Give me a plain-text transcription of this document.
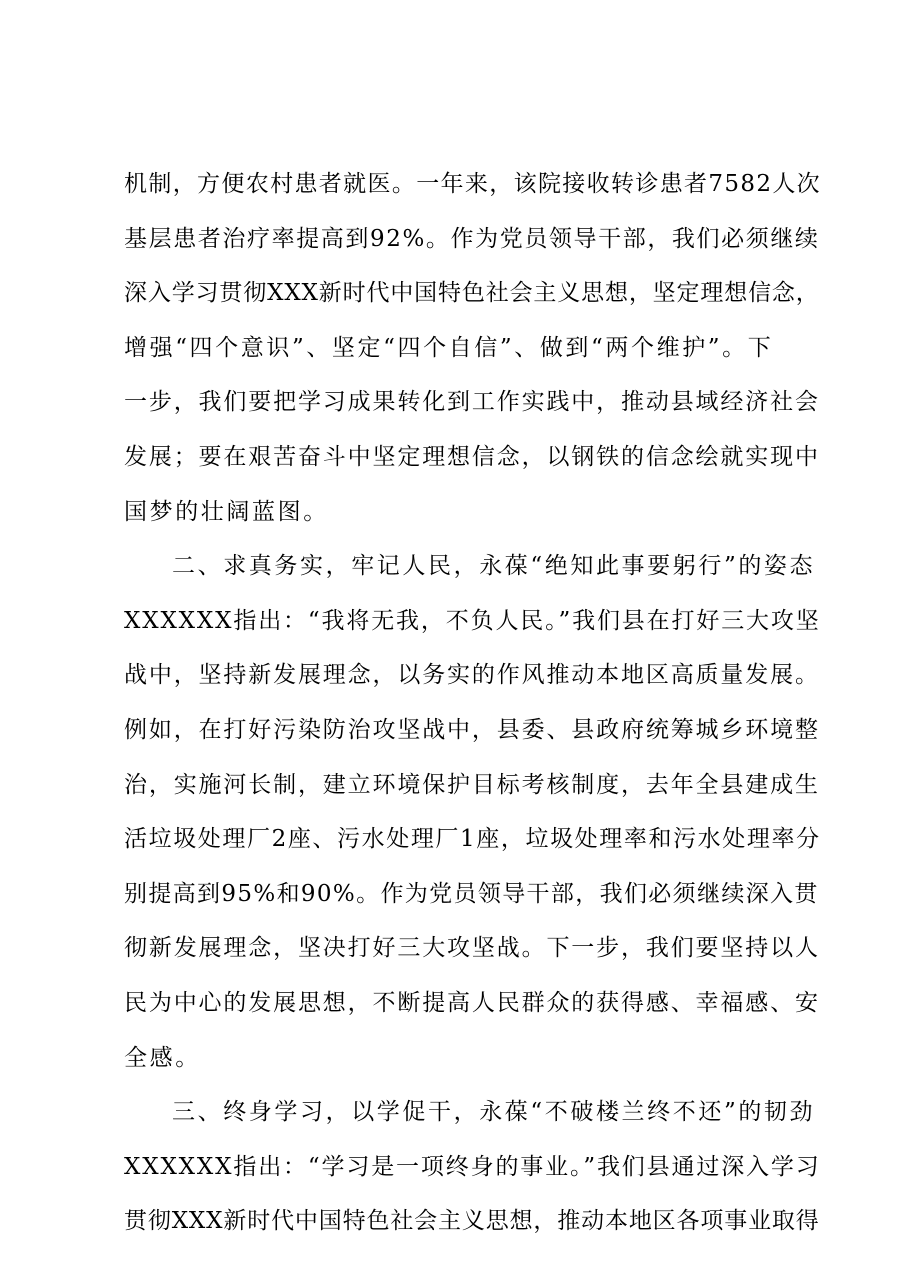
机制，方便农村患者就医。一年来，该院接收转诊患者7582人次
基层患者治疗率提高到92%。作为党员领导干部，我们必须继续
深入学习贯彻XXX新时代中国特色社会主义思想，坚定理想信念，
增强“四个意识”、坚定“四个自信”、做到“两个维护”。下
一步，我们要把学习成果转化到工作实践中，推动县域经济社会
发展；要在艰苦奋斗中坚定理想信念，以钢铁的信念绘就实现中
国梦的壮阔蓝图。
二、求真务实，牢记人民，永葆“绝知此事要躬行”的姿态
XXXXXX指出：“我将无我，不负人民。”我们县在打好三大攻坚
战中，坚持新发展理念，以务实的作风推动本地区高质量发展。
例如，在打好污染防治攻坚战中，县委、县政府统筹城乡环境整
治，实施河长制，建立环境保护目标考核制度，去年全县建成生
活垃圾处理厂2座、污水处理厂1座，垃圾处理率和污水处理率分
别提高到95%和90%。作为党员领导干部，我们必须继续深入贯
彻新发展理念，坚决打好三大攻坚战。下一步，我们要坚持以人
民为中心的发展思想，不断提高人民群众的获得感、幸福感、安
全感。
三、终身学习，以学促干，永葆“不破楼兰终不还”的韧劲
XXXXXX指出：“学习是一项终身的事业。”我们县通过深入学习
贯彻XXX新时代中国特色社会主义思想，推动本地区各项事业取得
